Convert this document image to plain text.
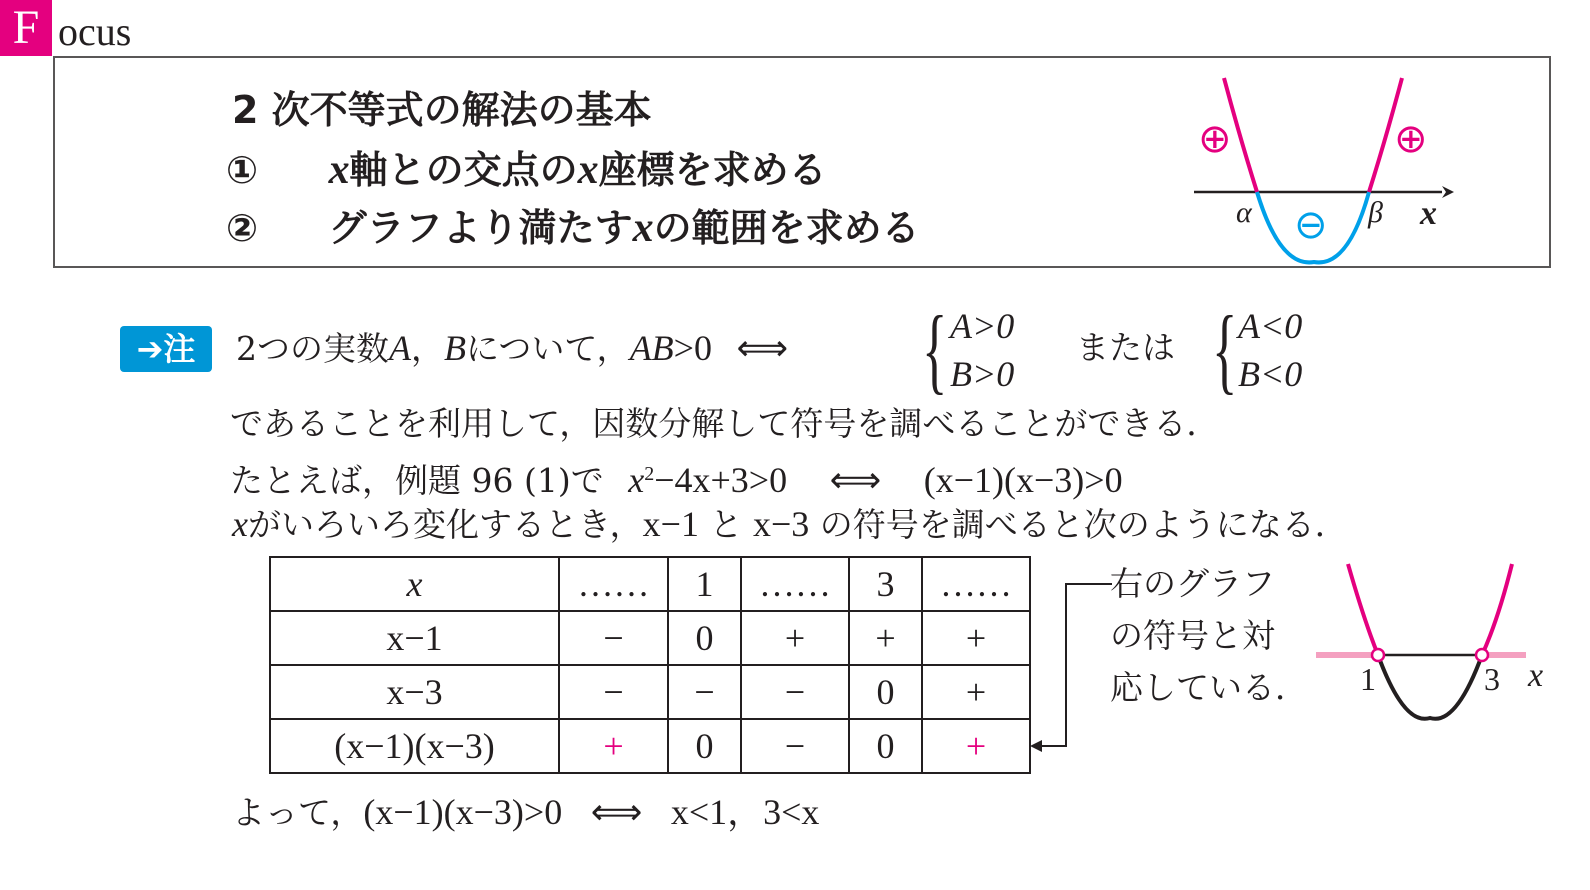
F ocus
2 次不等式の解法の基本
① x軸との交点のx座標を求める
② グラフより満たすxの範囲を求める
⊕	⊕
⊖
α	β x
➔注	2つの実数A，Bについて，AB>0 ⟺ { A>0
B>0
または { A<0
B<0
であることを利用して，因数分解して符号を調べることができる．
たとえば，例題 96 (1)で $x^2-4x+3>0$ ⟺ (x−1)(x−3)>0
xがいろいろ変化するとき，x−1 と x−3 の符号を調べると次のようになる．
x	……	1	……	3	……
x−1	−	0	+	+	+
x−3	−	−	−	0	+
(x−1)(x−3)	+	0	−	0	+
右のグラフ
の符号と対
応している． 1	3 x
よって，(x−1)(x−3)>0 ⟺ x<1，3<x
